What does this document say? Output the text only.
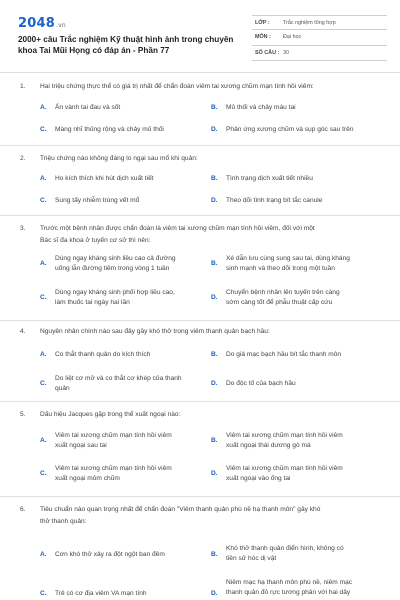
2048.vn
2000+ câu Trắc nghiệm Kỹ thuật hình ảnh trong chuyên khoa Tai Mũi Họng có đáp án - Phần 77
LỚP : Trắc nghiệm tổng hợp
MÔN : Đại học
SỐ CÂU : 30
1. Hai triệu chứng thực thể có giá trị nhất để chẩn đoán viêm tai xương chũm mạn tính hồi viêm:
A. Ấn vành tai đau và sốt	B. Mủ thối và chảy máu tai
C. Màng nhĩ thủng rộng và chảy mủ thối	D. Phản ứng xương chũm và sụp góc sau trên
2. Triệu chứng nào không đáng lo ngại sau mổ khi quản:
A. Ho kích thích khi hút dịch xuất tiết	B. Tình trạng dịch xuất tiết nhiều
C. Sung tấy nhiễm trùng vết mổ	D. Theo dõi tình trạng bít tắc canule
3. Trước một bệnh nhân được chẩn đoán là viêm tai xương chũm mạn tính hồi viêm, đối với một
Bác sĩ đa khoa ở tuyến cơ sở thì nên:
A.
Dùng ngay kháng sinh liều cao cả đường
uống lẫn đường tiêm trong vòng 1 tuần
B.
Xé dẫn lưu cùng sung sau tai, dùng kháng
sinh mạnh và theo dõi trong một tuần
C.
Dùng ngay kháng sinh phối hợp liều cao,
làm thuốc tai ngày hai lần
D.
Chuyển bệnh nhân lên tuyến trên càng
sớm càng tốt để phẫu thuật cấp cứu
4. Nguyên nhân chính nào sau đây gây khó thở trong viêm thanh quản bạch hầu:
A. Co thắt thanh quản do kích thích	B. Do giả mạc bạch hầu bít tắc thanh môn
C.
Do liệt cơ mở và co thắt cơ khép của thanh
quản
D. Do độc tố của bạch hầu
5. Dấu hiệu Jacques gặp trong thể xuất ngoại nào:
A.
Viêm tai xương chũm mạn tính hồi viêm
xuất ngoại sau tai
B.
Viêm tai xương chũm mạn tính hồi viêm
xuất ngoại thái dương gò má
C.
Viêm tai xương chũm mạn tính hồi viêm
xuất ngoại mỏm chũm
D.
Viêm tai xương chũm mạn tính hồi viêm
xuất ngoại vào ống tai
6. Tiêu chuẩn nào quan trọng nhất để chẩn đoán "Viêm thanh quản phù nề hạ thanh môn" gây khó
thở thanh quản:
A. Cơn khó thở xảy ra đột ngột ban đêm	B.
Khó thở thanh quản điển hình, không có
tiền sử hóc dị vật
C. Trẻ có cơ địa viêm VA mạn tính	D.
Niêm mạc hạ thanh môn phù nề, niêm mạc
thanh quản đỏ rực tương phản với hai dây
